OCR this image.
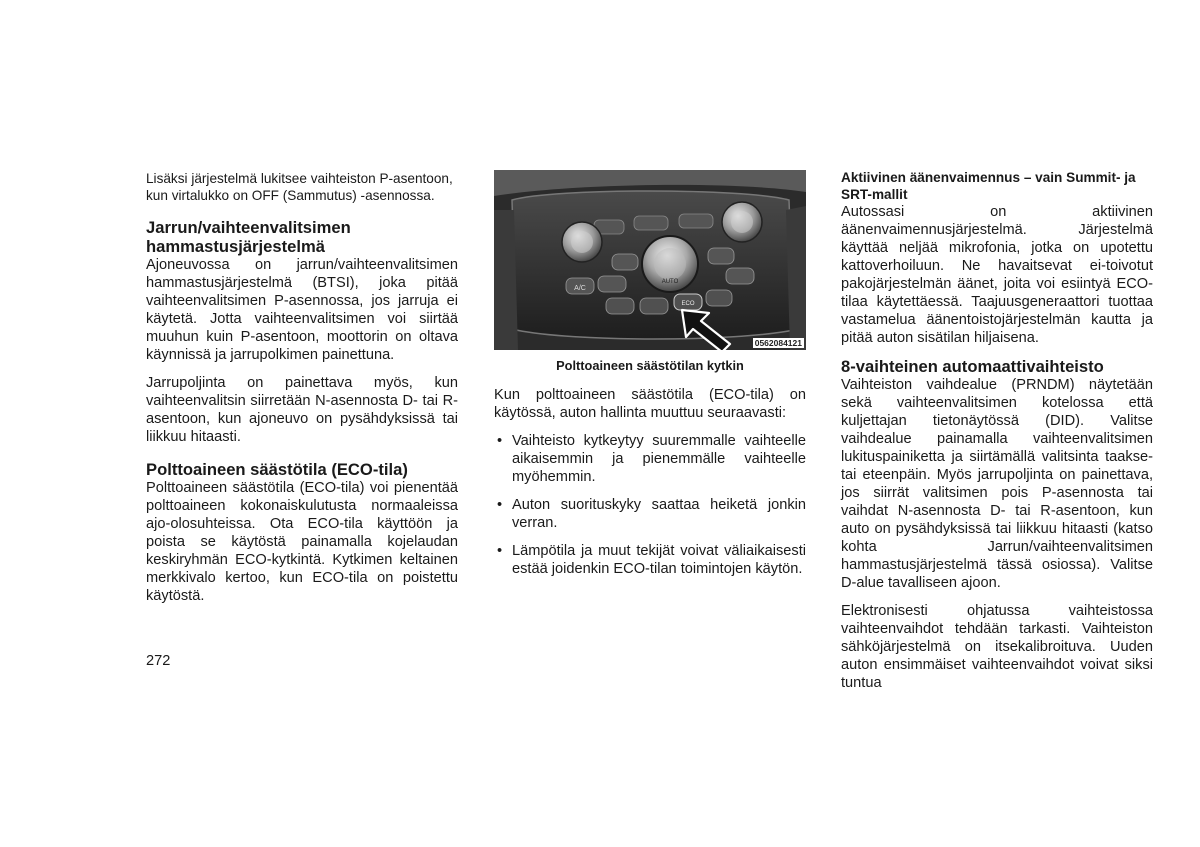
Lisäksi järjestelmä lukitsee vaihteiston P-asentoon, kun virtalukko on OFF (Sammutus) -asennossa.

Jarrun/vaihteenvalitsimen hammastusjärjestelmä

Ajoneuvossa on jarrun/vaihteenvalitsimen hammastusjärjestelmä (BTSI), joka pitää vaihteenvalitsimen P-asennossa, jos jarruja ei käytetä. Jotta vaihteenvalitsimen voi siirtää muuhun kuin P-asentoon, moottorin on oltava käynnissä ja jarrupolkimen painettuna.

Jarrupoljinta on painettava myös, kun vaihteenvalitsin siirretään N-asennosta D- tai R-asentoon, kun ajoneuvo on pysähdyksissä tai liikkuu hitaasti.

Polttoaineen säästötila (ECO-tila)

Polttoaineen säästötila (ECO-tila) voi pienentää polttoaineen kokonaiskulutusta normaaleissa ajo-olosuhteissa. Ota ECO-tila käyttöön ja poista se käytöstä painamalla kojelaudan keskiryhmän ECO-kytkintä. Kytkimen keltainen merkkivalo kertoo, kun ECO-tila on poistettu käytöstä.

A/C
AUTO
ECO
0562084121
Polttoaineen säästötilan kytkin

Kun polttoaineen säästötila (ECO-tila) on käytössä, auton hallinta muuttuu seuraavasti:

• Vaihteisto kytkeytyy suuremmalle vaihteelle aikaisemmin ja pienemmälle vaihteelle myöhemmin.
• Auton suorituskyky saattaa heiketä jonkin verran.
• Lämpötila ja muut tekijät voivat väliaikaisesti estää joidenkin ECO-tilan toimintojen käytön.
Aktiivinen äänenvaimennus – vain Summit- ja SRT-mallit

Autossasi on aktiivinen äänenvaimennusjärjestelmä. Järjestelmä käyttää neljää mikrofonia, jotka on upotettu kattoverhoiluun. Ne havaitsevat ei-toivotut pakojärjestelmän äänet, joita voi esiintyä ECO-tilaa käytettäessä. Taajuusgeneraattori tuottaa vastamelua äänentoistojärjestelmän kautta ja pitää auton sisätilan hiljaisena.

8-vaihteinen automaattivaihteisto

Vaihteiston vaihdealue (PRNDM) näytetään sekä vaihteenvalitsimen kotelossa että kuljettajan tietonäytössä (DID). Valitse vaihdealue painamalla vaihteenvalitsimen lukituspainiketta ja siirtämällä valitsinta taakse- tai eteenpäin. Myös jarrupoljinta on painettava, jos siirrät valitsimen pois P-asennosta tai vaihdat N-asennosta D- tai R-asentoon, kun auto on pysähdyksissä tai liikkuu hitaasti (katso kohta Jarrun/vaihteenvalitsimen hammastusjärjestelmä tässä osiossa). Valitse D-alue tavalliseen ajoon.

Elektronisesti ohjatussa vaihteistossa vaihteenvaihdot tehdään tarkasti. Vaihteiston sähköjärjestelmä on itsekalibroituva. Uuden auton ensimmäiset vaihteenvaihdot voivat siksi tuntua

272
